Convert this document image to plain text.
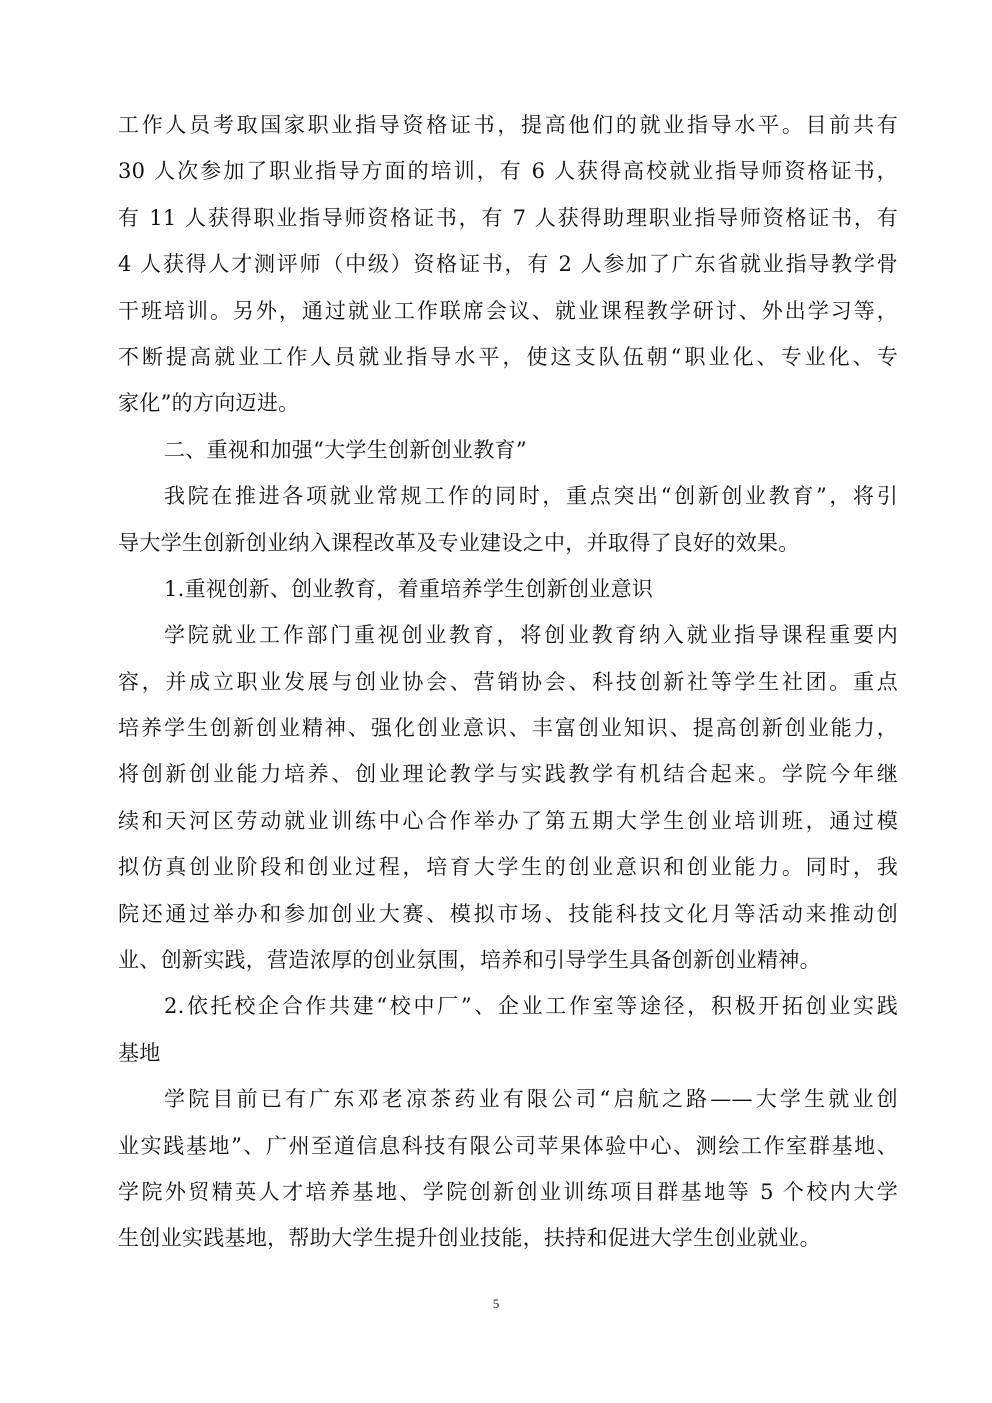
工作人员考取国家职业指导资格证书，提高他们的就业指导水平。目前共有
30 人次参加了职业指导方面的培训，有 6 人获得高校就业指导师资格证书，
有 11 人获得职业指导师资格证书，有 7 人获得助理职业指导师资格证书，有
4 人获得人才测评师（中级）资格证书，有 2 人参加了广东省就业指导教学骨
干班培训。另外，通过就业工作联席会议、就业课程教学研讨、外出学习等，
不断提高就业工作人员就业指导水平，使这支队伍朝“职业化、专业化、专
家化”的方向迈进。
二、重视和加强“大学生创新创业教育”
我院在推进各项就业常规工作的同时，重点突出“创新创业教育”，将引
导大学生创新创业纳入课程改革及专业建设之中，并取得了良好的效果。
1.重视创新、创业教育，着重培养学生创新创业意识
学院就业工作部门重视创业教育，将创业教育纳入就业指导课程重要内
容，并成立职业发展与创业协会、营销协会、科技创新社等学生社团。重点
培养学生创新创业精神、强化创业意识、丰富创业知识、提高创新创业能力，
将创新创业能力培养、创业理论教学与实践教学有机结合起来。学院今年继
续和天河区劳动就业训练中心合作举办了第五期大学生创业培训班，通过模
拟仿真创业阶段和创业过程，培育大学生的创业意识和创业能力。同时，我
院还通过举办和参加创业大赛、模拟市场、技能科技文化月等活动来推动创
业、创新实践，营造浓厚的创业氛围，培养和引导学生具备创新创业精神。
2.依托校企合作共建“校中厂”、企业工作室等途径，积极开拓创业实践
基地
学院目前已有广东邓老凉茶药业有限公司“启航之路——大学生就业创
业实践基地”、广州至道信息科技有限公司苹果体验中心、测绘工作室群基地、
学院外贸精英人才培养基地、学院创新创业训练项目群基地等 5 个校内大学
生创业实践基地，帮助大学生提升创业技能，扶持和促进大学生创业就业。
5
